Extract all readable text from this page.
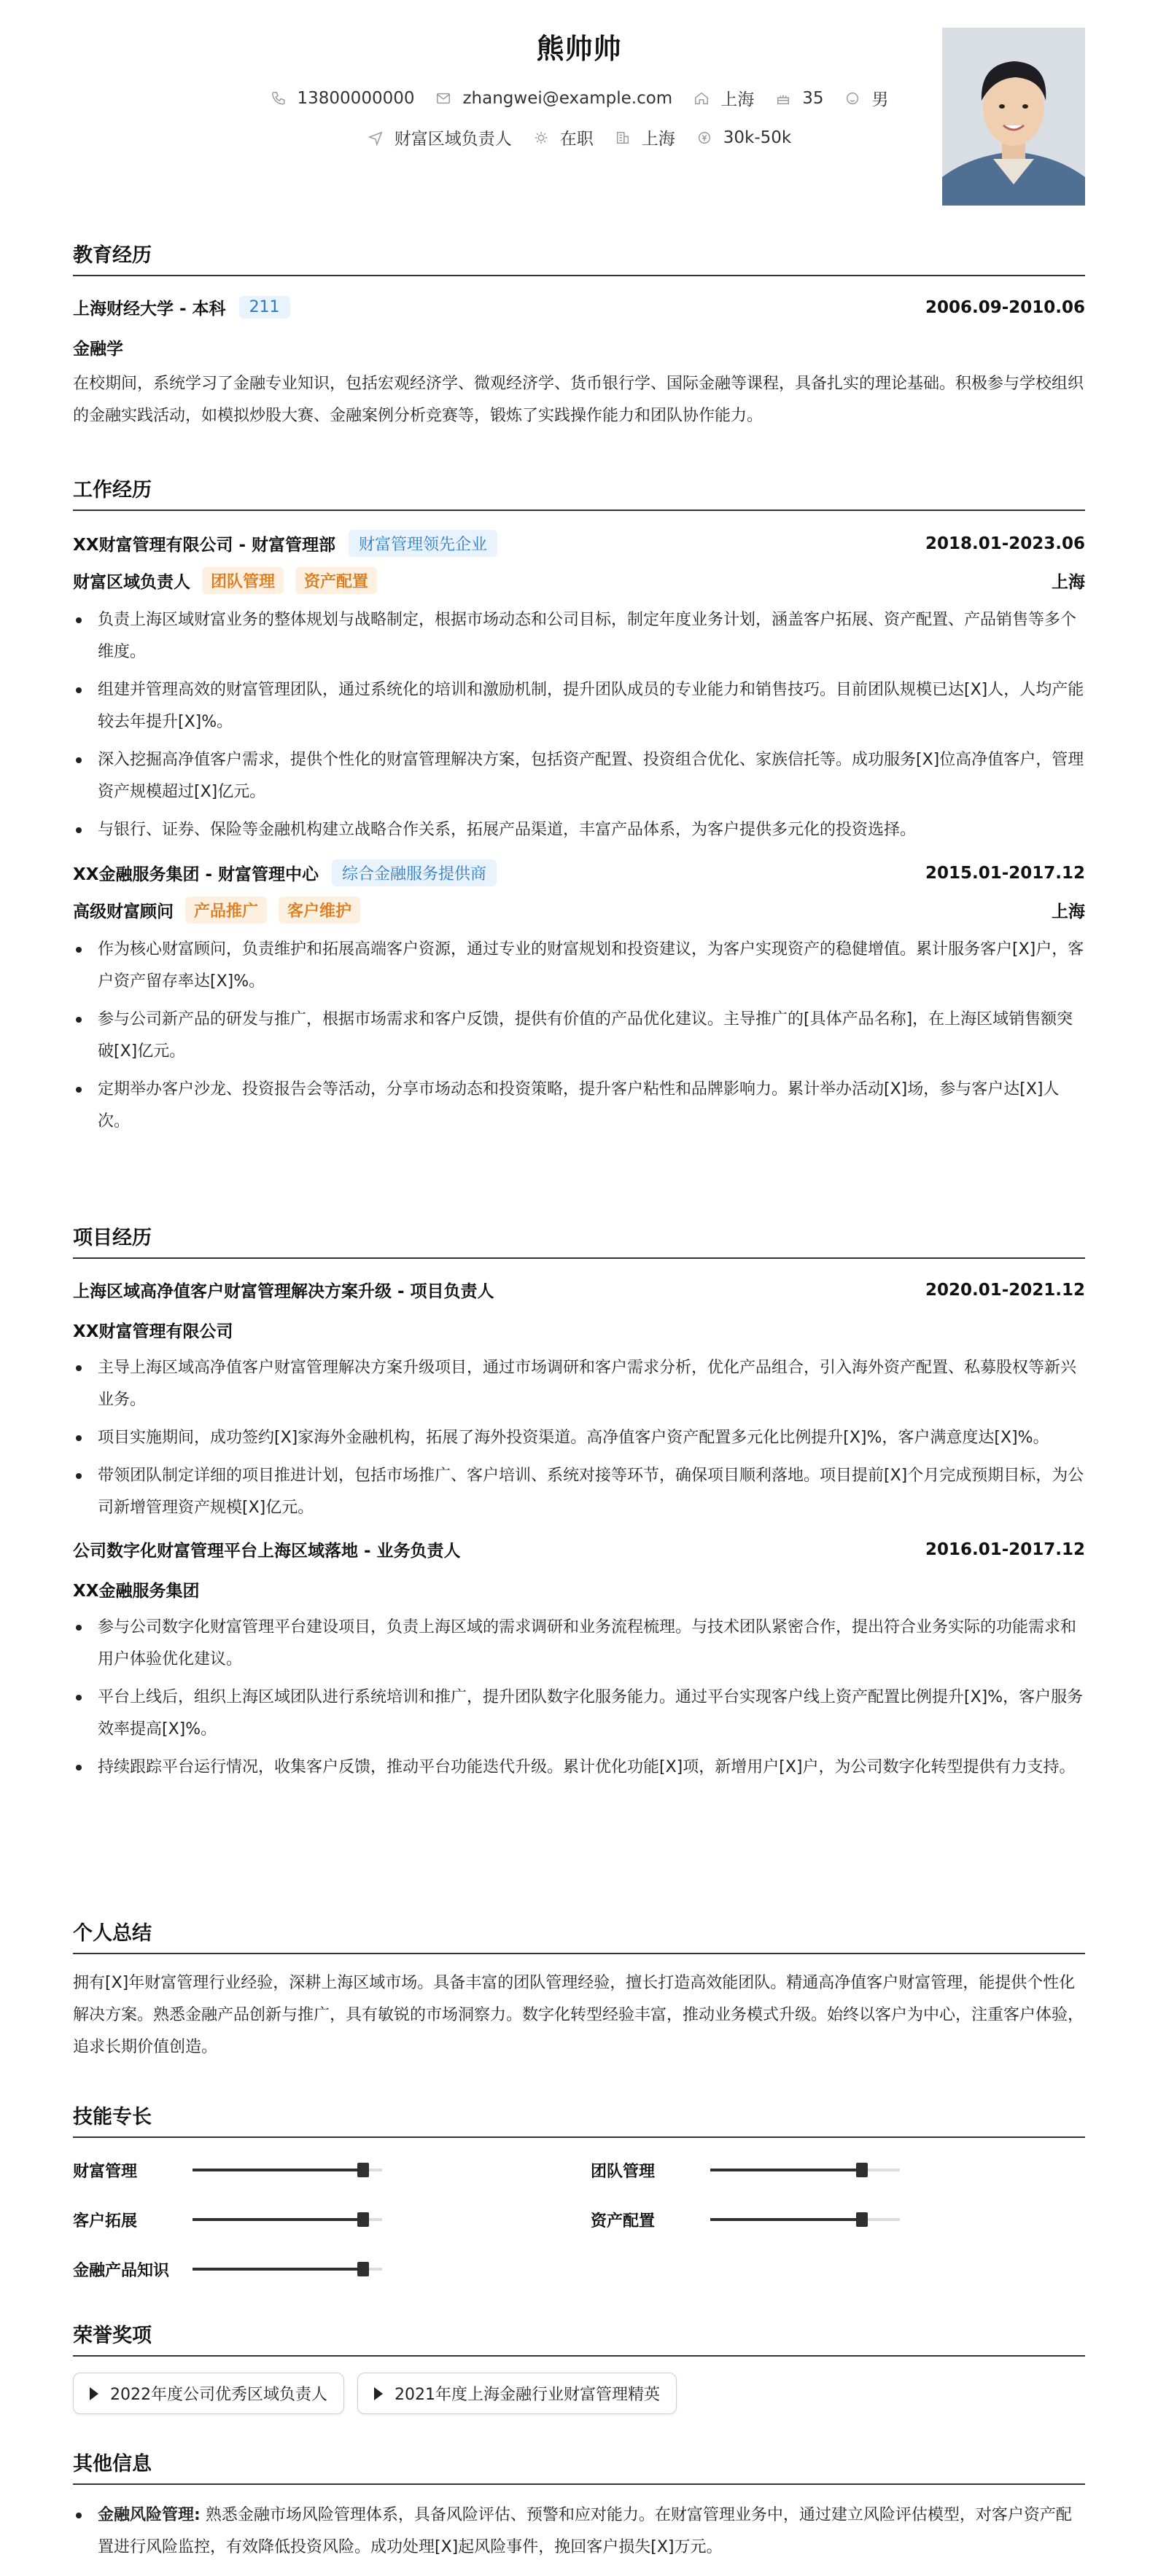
熊帅帅
13800000000	zhangwei@example.com	上海	35	男
财富区域负责人	在职	上海	30k-50k
教育经历
上海财经大学 - 本科	211	2006.09-2010.06
金融学
在校期间，系统学习了金融专业知识，包括宏观经济学、微观经济学、货币银行学、国际金融等课程，具备扎实的理论基础。积极参与学校组织的金融实践活动，如模拟炒股大赛、金融案例分析竞赛等，锻炼了实践操作能力和团队协作能力。
工作经历
XX财富管理有限公司 - 财富管理部	财富管理领先企业	2018.01-2023.06
财富区域负责人	团队管理	资产配置	上海
负责上海区域财富业务的整体规划与战略制定，根据市场动态和公司目标，制定年度业务计划，涵盖客户拓展、资产配置、产品销售等多个维度。
组建并管理高效的财富管理团队，通过系统化的培训和激励机制，提升团队成员的专业能力和销售技巧。目前团队规模已达[X]人，人均产能较去年提升[X]%。
深入挖掘高净值客户需求，提供个性化的财富管理解决方案，包括资产配置、投资组合优化、家族信托等。成功服务[X]位高净值客户，管理资产规模超过[X]亿元。
与银行、证券、保险等金融机构建立战略合作关系，拓展产品渠道，丰富产品体系，为客户提供多元化的投资选择。
XX金融服务集团 - 财富管理中心	综合金融服务提供商	2015.01-2017.12
高级财富顾问	产品推广	客户维护	上海
作为核心财富顾问，负责维护和拓展高端客户资源，通过专业的财富规划和投资建议，为客户实现资产的稳健增值。累计服务客户[X]户，客户资产留存率达[X]%。
参与公司新产品的研发与推广，根据市场需求和客户反馈，提供有价值的产品优化建议。主导推广的[具体产品名称]，在上海区域销售额突破[X]亿元。
定期举办客户沙龙、投资报告会等活动，分享市场动态和投资策略，提升客户粘性和品牌影响力。累计举办活动[X]场，参与客户达[X]人次。
项目经历
上海区域高净值客户财富管理解决方案升级 - 项目负责人	2020.01-2021.12
XX财富管理有限公司
主导上海区域高净值客户财富管理解决方案升级项目，通过市场调研和客户需求分析，优化产品组合，引入海外资产配置、私募股权等新兴业务。
项目实施期间，成功签约[X]家海外金融机构，拓展了海外投资渠道。高净值客户资产配置多元化比例提升[X]%，客户满意度达[X]%。
带领团队制定详细的项目推进计划，包括市场推广、客户培训、系统对接等环节，确保项目顺利落地。项目提前[X]个月完成预期目标，为公司新增管理资产规模[X]亿元。
公司数字化财富管理平台上海区域落地 - 业务负责人	2016.01-2017.12
XX金融服务集团
参与公司数字化财富管理平台建设项目，负责上海区域的需求调研和业务流程梳理。与技术团队紧密合作，提出符合业务实际的功能需求和用户体验优化建议。
平台上线后，组织上海区域团队进行系统培训和推广，提升团队数字化服务能力。通过平台实现客户线上资产配置比例提升[X]%，客户服务效率提高[X]%。
持续跟踪平台运行情况，收集客户反馈，推动平台功能迭代升级。累计优化功能[X]项，新增用户[X]户，为公司数字化转型提供有力支持。
个人总结
拥有[X]年财富管理行业经验，深耕上海区域市场。具备丰富的团队管理经验，擅长打造高效能团队。精通高净值客户财富管理，能提供个性化解决方案。熟悉金融产品创新与推广，具有敏锐的市场洞察力。数字化转型经验丰富，推动业务模式升级。始终以客户为中心，注重客户体验，追求长期价值创造。
技能专长
财富管理	团队管理
客户拓展	资产配置
金融产品知识
荣誉奖项
2022年度公司优秀区域负责人	2021年度上海金融行业财富管理精英
其他信息
金融风险管理: 熟悉金融市场风险管理体系，具备风险评估、预警和应对能力。在财富管理业务中，通过建立风险评估模型，对客户资产配置进行风险监控，有效降低投资风险。成功处理[X]起风险事件，挽回客户损失[X]万元。
